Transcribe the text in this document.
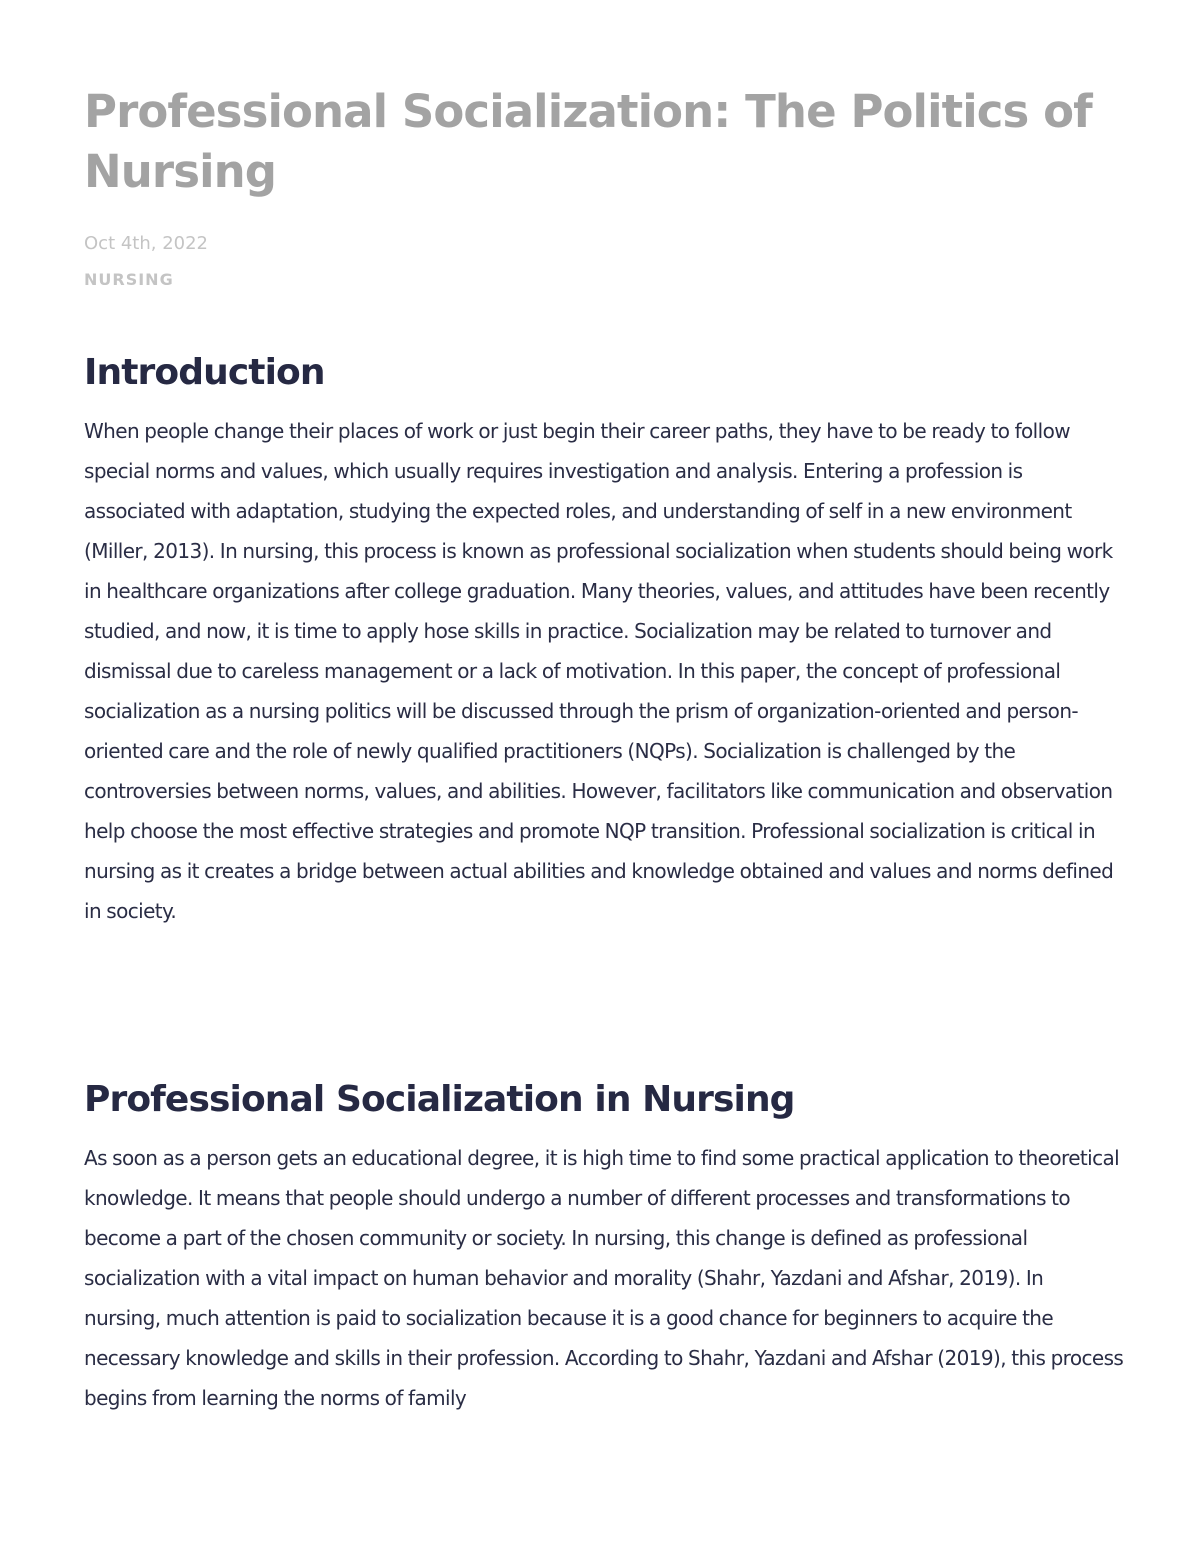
Professional Socialization: The Politics of Nursing
Oct 4th, 2022
NURSING
Introduction

When people change their places of work or just begin their career paths, they have to be ready to follow special norms and values, which usually requires investigation and analysis. Entering a profession is associated with adaptation, studying the expected roles, and understanding of self in a new environment (Miller, 2013). In nursing, this process is known as professional socialization when students should being work in healthcare organizations after college graduation. Many theories, values, and attitudes have been recently studied, and now, it is time to apply hose skills in practice. Socialization may be related to turnover and dismissal due to careless management or a lack of motivation. In this paper, the concept of professional socialization as a nursing politics will be discussed through the prism of organization-oriented and person-oriented care and the role of newly qualified practitioners (NQPs). Socialization is challenged by the controversies between norms, values, and abilities. However, facilitators like communication and observation help choose the most effective strategies and promote NQP transition. Professional socialization is critical in nursing as it creates a bridge between actual abilities and knowledge obtained and values and norms defined in society.

Professional Socialization in Nursing

As soon as a person gets an educational degree, it is high time to find some practical application to theoretical knowledge. It means that people should undergo a number of different processes and transformations to become a part of the chosen community or society. In nursing, this change is defined as professional socialization with a vital impact on human behavior and morality (Shahr, Yazdani and Afshar, 2019). In nursing, much attention is paid to socialization because it is a good chance for beginners to acquire the necessary knowledge and skills in their profession. According to Shahr, Yazdani and Afshar (2019), this process begins from learning the norms of family
